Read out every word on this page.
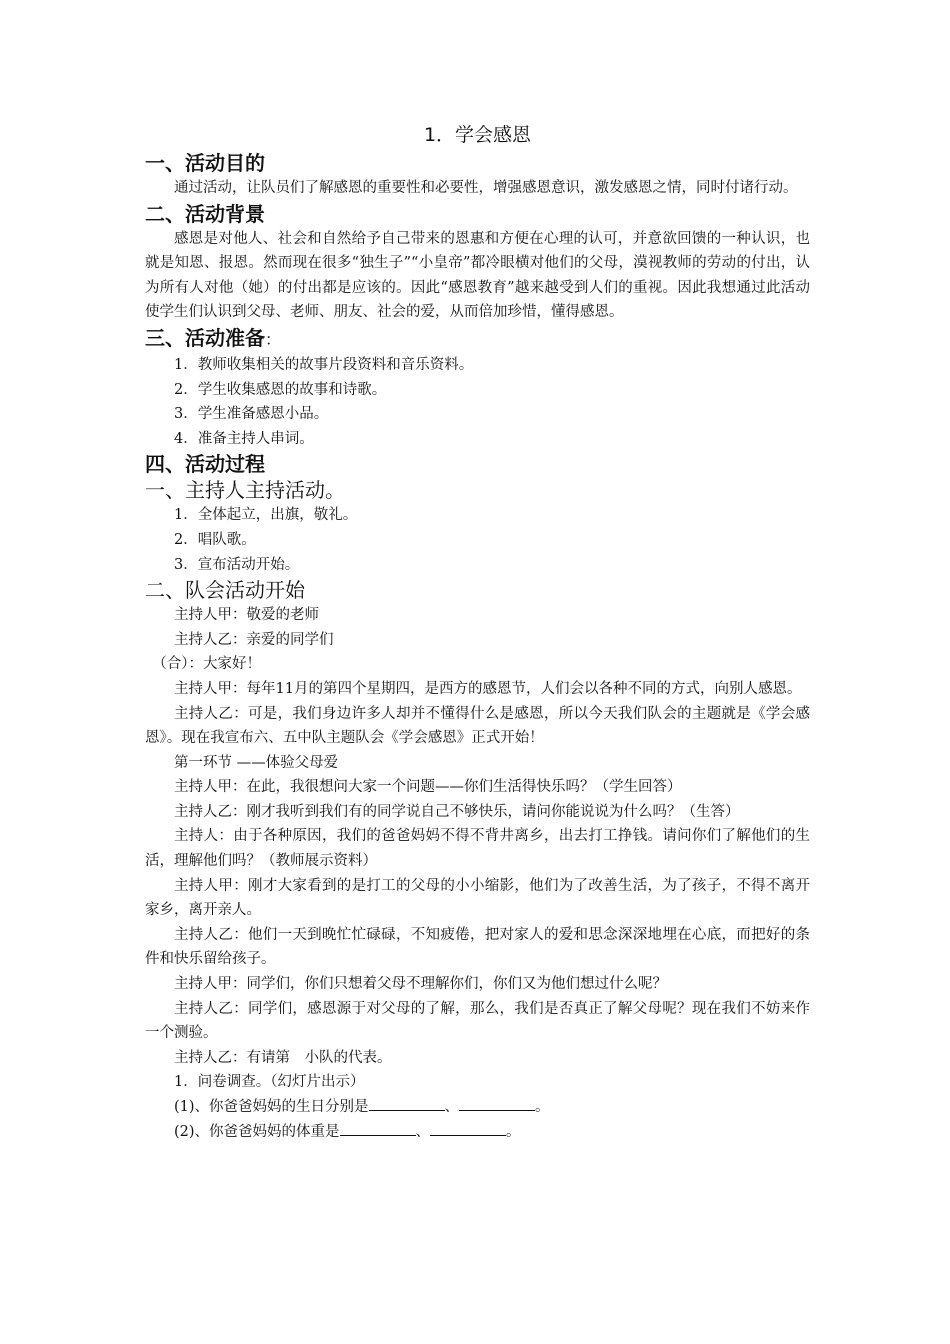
1．学会感恩
一、活动目的
通过活动，让队员们了解感恩的重要性和必要性，增强感恩意识，激发感恩之情，同时付诸行动。
二、活动背景
感恩是对他人、社会和自然给予自己带来的恩惠和方便在心理的认可，并意欲回馈的一种认识，也就是知恩、报恩。然而现在很多“独生子”“小皇帝”都冷眼横对他们的父母，漠视教师的劳动的付出，认为所有人对他（她）的付出都是应该的。因此“感恩教育”越来越受到人们的重视。因此我想通过此活动使学生们认识到父母、老师、朋友、社会的爱，从而倍加珍惜，懂得感恩。
三、活动准备：
1．教师收集相关的故事片段资料和音乐资料。
2．学生收集感恩的故事和诗歌。
3．学生准备感恩小品。
4．准备主持人串词。
四、活动过程
一、主持人主持活动。
1．全体起立，出旗，敬礼。
2．唱队歌。
3．宣布活动开始。
二、队会活动开始
主持人甲：敬爱的老师
主持人乙：亲爱的同学们
（合）：大家好！
主持人甲：每年11月的第四个星期四，是西方的感恩节，人们会以各种不同的方式，向别人感恩。
主持人乙：可是，我们身边许多人却并不懂得什么是感恩，所以今天我们队会的主题就是《学会感恩》。现在我宣布六、五中队主题队会《学会感恩》正式开始！
第一环节 ——体验父母爱
主持人甲：在此，我很想问大家一个问题——你们生活得快乐吗？（学生回答）
主持人乙：刚才我听到我们有的同学说自己不够快乐，请问你能说说为什么吗？（生答）
主持人：由于各种原因，我们的爸爸妈妈不得不背井离乡，出去打工挣钱。请问你们了解他们的生活，理解他们吗？（教师展示资料）
主持人甲：刚才大家看到的是打工的父母的小小缩影，他们为了改善生活，为了孩子，不得不离开家乡，离开亲人。
主持人乙：他们一天到晚忙忙碌碌，不知疲倦，把对家人的爱和思念深深地埋在心底，而把好的条件和快乐留给孩子。
主持人甲：同学们，你们只想着父母不理解你们，你们又为他们想过什么呢？
主持人乙：同学们，感恩源于对父母的了解，那么，我们是否真正了解父母呢？现在我们不妨来作一个测验。
主持人乙：有请第　小队的代表。
1．问卷调查。（幻灯片出示）
(1)、你爸爸妈妈的生日分别是	、	。
(2)、你爸爸妈妈的体重是	、	。
